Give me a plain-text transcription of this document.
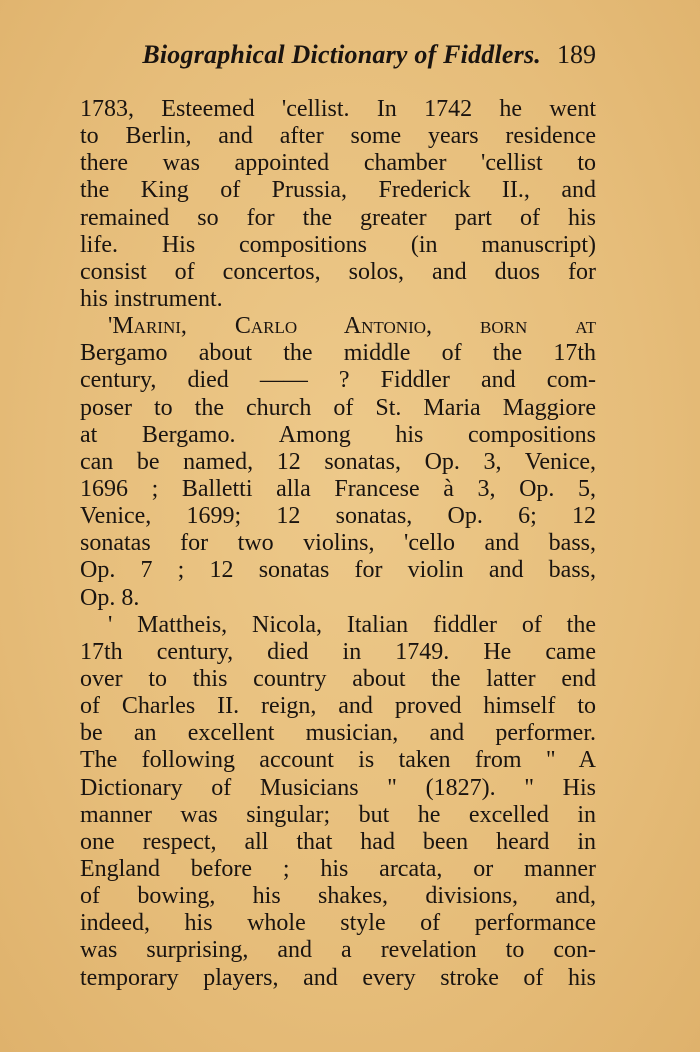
Biographical Dictionary of Fiddlers. 189
1783, Esteemed 'cellist. In 1742 he went
to Berlin, and after some years residence
there was appointed chamber 'cellist to
the King of Prussia, Frederick II., and
remained so for the greater part of his
life. His compositions (in manuscript)
consist of concertos, solos, and duos for
his instrument.
'Marini, Carlo Antonio, born at
Bergamo about the middle of the 17th
century, died —— ? Fiddler and com-
poser to the church of St. Maria Maggiore
at Bergamo. Among his compositions
can be named, 12 sonatas, Op. 3, Venice,
1696 ; Balletti alla Francese à 3, Op. 5,
Venice, 1699; 12 sonatas, Op. 6; 12
sonatas for two violins, 'cello and bass,
Op. 7 ; 12 sonatas for violin and bass,
Op. 8.
' Mattheis, Nicola, Italian fiddler of the
17th century, died in 1749. He came
over to this country about the latter end
of Charles II. reign, and proved himself to
be an excellent musician, and performer.
The following account is taken from " A
Dictionary of Musicians " (1827). " His
manner was singular; but he excelled in
one respect, all that had been heard in
England before ; his arcata, or manner
of bowing, his shakes, divisions, and,
indeed, his whole style of performance
was surprising, and a revelation to con-
temporary players, and every stroke of his
